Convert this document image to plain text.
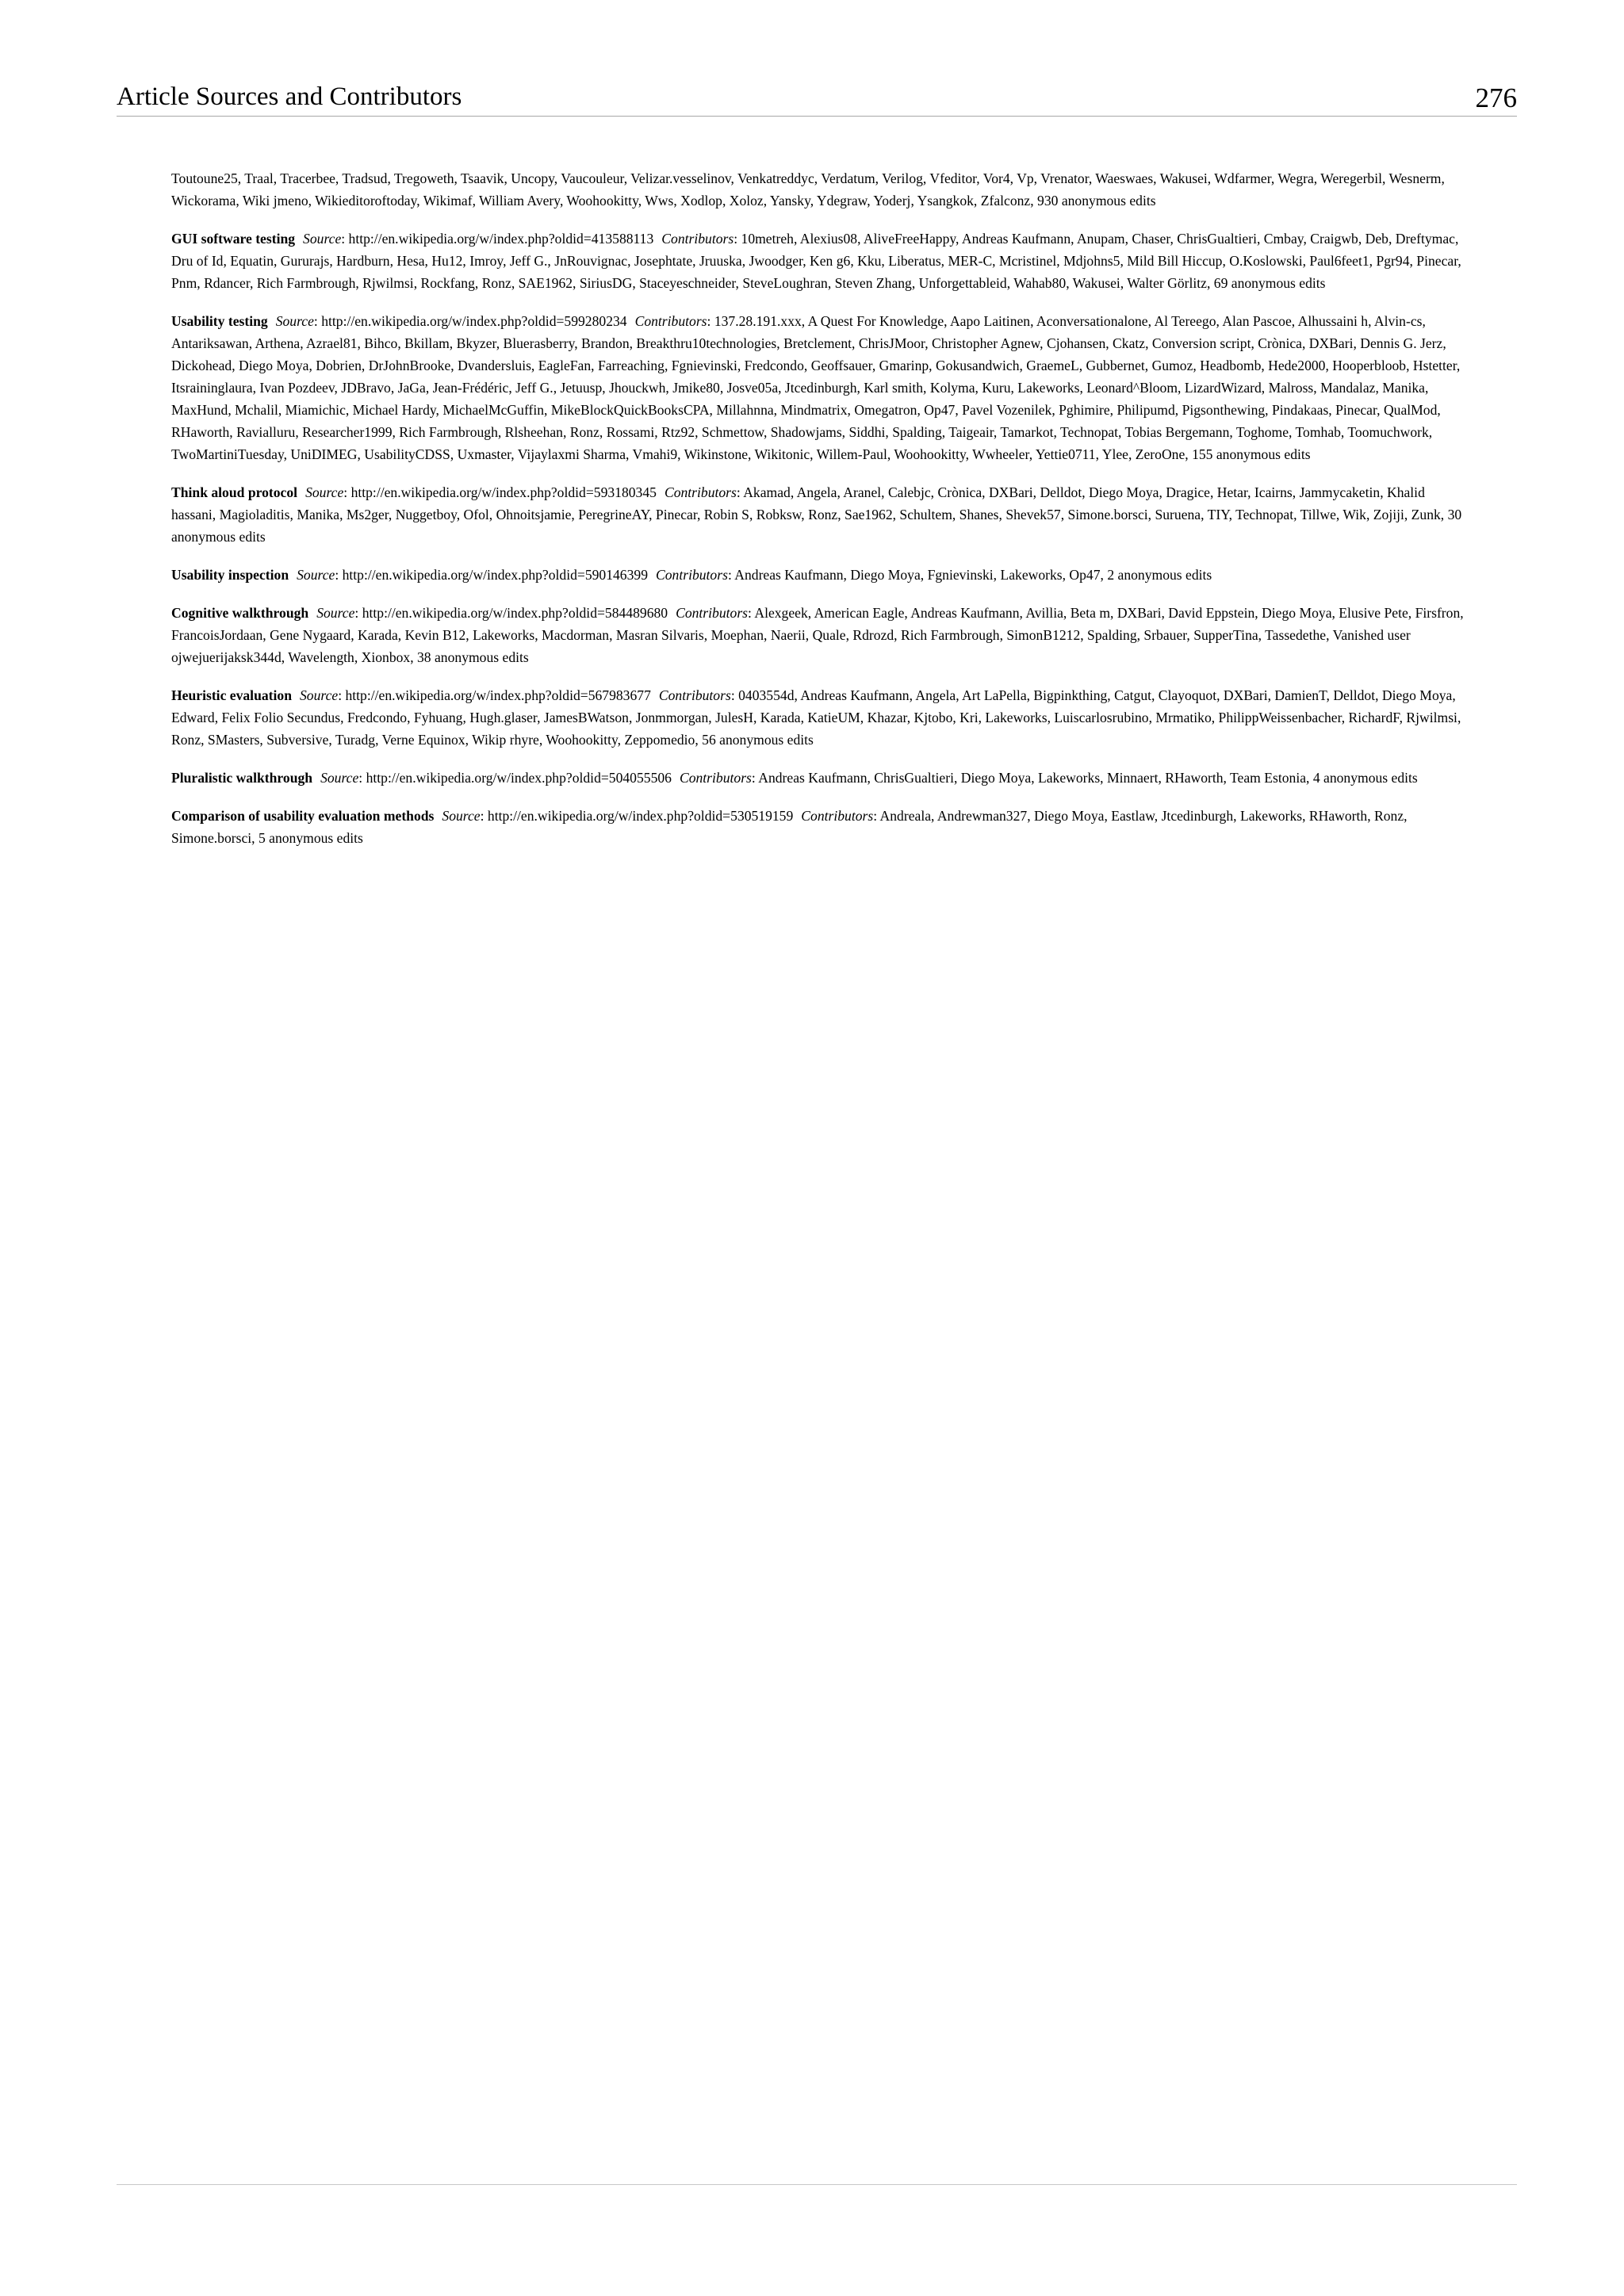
Article Sources and Contributors	276

Toutoune25, Traal, Tracerbee, Tradsud, Tregoweth, Tsaavik, Uncopy, Vaucouleur, Velizar.vesselinov, Venkatreddyc, Verdatum, Verilog, Vfeditor, Vor4, Vp, Vrenator, Waeswaes, Wakusei, Wdfarmer, Wegra, Weregerbil, Wesnerm, Wickorama, Wiki jmeno, Wikieditoroftoday, Wikimaf, William Avery, Woohookitty, Wws, Xodlop, Xoloz, Yansky, Ydegraw, Yoderj, Ysangkok, Zfalconz, 930 anonymous edits

GUI software testing Source: http://en.wikipedia.org/w/index.php?oldid=413588113 Contributors: 10metreh, Alexius08, AliveFreeHappy, Andreas Kaufmann, Anupam, Chaser, ChrisGualtieri, Cmbay, Craigwb, Deb, Dreftymac, Dru of Id, Equatin, Gururajs, Hardburn, Hesa, Hu12, Imroy, Jeff G., JnRouvignac, Josephtate, Jruuska, Jwoodger, Ken g6, Kku, Liberatus, MER-C, Mcristinel, Mdjohns5, Mild Bill Hiccup, O.Koslowski, Paul6feet1, Pgr94, Pinecar, Pnm, Rdancer, Rich Farmbrough, Rjwilmsi, Rockfang, Ronz, SAE1962, SiriusDG, Staceyeschneider, SteveLoughran, Steven Zhang, Unforgettableid, Wahab80, Wakusei, Walter Görlitz, 69 anonymous edits

Usability testing Source: http://en.wikipedia.org/w/index.php?oldid=599280234 Contributors: 137.28.191.xxx, A Quest For Knowledge, Aapo Laitinen, Aconversationalone, Al Tereego, Alan Pascoe, Alhussaini h, Alvin-cs, Antariksawan, Arthena, Azrael81, Bihco, Bkillam, Bkyzer, Bluerasberry, Brandon, Breakthru10technologies, Bretclement, ChrisJMoor, Christopher Agnew, Cjohansen, Ckatz, Conversion script, Crònica, DXBari, Dennis G. Jerz, Dickohead, Diego Moya, Dobrien, DrJohnBrooke, Dvandersluis, EagleFan, Farreaching, Fgnievinski, Fredcondo, Geoffsauer, Gmarinp, Gokusandwich, GraemeL, Gubbernet, Gumoz, Headbomb, Hede2000, Hooperbloob, Hstetter, Itsraininglaura, Ivan Pozdeev, JDBravo, JaGa, Jean-Frédéric, Jeff G., Jetuusp, Jhouckwh, Jmike80, Josve05a, Jtcedinburgh, Karl smith, Kolyma, Kuru, Lakeworks, Leonard^Bloom, LizardWizard, Malross, Mandalaz, Manika, MaxHund, Mchalil, Miamichic, Michael Hardy, MichaelMcGuffin, MikeBlockQuickBooksCPA, Millahnna, Mindmatrix, Omegatron, Op47, Pavel Vozenilek, Pghimire, Philipumd, Pigsonthewing, Pindakaas, Pinecar, QualMod, RHaworth, Ravialluru, Researcher1999, Rich Farmbrough, Rlsheehan, Ronz, Rossami, Rtz92, Schmettow, Shadowjams, Siddhi, Spalding, Taigeair, Tamarkot, Technopat, Tobias Bergemann, Toghome, Tomhab, Toomuchwork, TwoMartiniTuesday, UniDIMEG, UsabilityCDSS, Uxmaster, Vijaylaxmi Sharma, Vmahi9, Wikinstone, Wikitonic, Willem-Paul, Woohookitty, Wwheeler, Yettie0711, Ylee, ZeroOne, 155 anonymous edits

Think aloud protocol Source: http://en.wikipedia.org/w/index.php?oldid=593180345 Contributors: Akamad, Angela, Aranel, Calebjc, Crònica, DXBari, Delldot, Diego Moya, Dragice, Hetar, Icairns, Jammycaketin, Khalid hassani, Magioladitis, Manika, Ms2ger, Nuggetboy, Ofol, Ohnoitsjamie, PeregrineAY, Pinecar, Robin S, Robksw, Ronz, Sae1962, Schultem, Shanes, Shevek57, Simone.borsci, Suruena, TIY, Technopat, Tillwe, Wik, Zojiji, Zunk, 30 anonymous edits

Usability inspection Source: http://en.wikipedia.org/w/index.php?oldid=590146399 Contributors: Andreas Kaufmann, Diego Moya, Fgnievinski, Lakeworks, Op47, 2 anonymous edits

Cognitive walkthrough Source: http://en.wikipedia.org/w/index.php?oldid=584489680 Contributors: Alexgeek, American Eagle, Andreas Kaufmann, Avillia, Beta m, DXBari, David Eppstein, Diego Moya, Elusive Pete, Firsfron, FrancoisJordaan, Gene Nygaard, Karada, Kevin B12, Lakeworks, Macdorman, Masran Silvaris, Moephan, Naerii, Quale, Rdrozd, Rich Farmbrough, SimonB1212, Spalding, Srbauer, SupperTina, Tassedethe, Vanished user ojwejuerijaksk344d, Wavelength, Xionbox, 38 anonymous edits

Heuristic evaluation Source: http://en.wikipedia.org/w/index.php?oldid=567983677 Contributors: 0403554d, Andreas Kaufmann, Angela, Art LaPella, Bigpinkthing, Catgut, Clayoquot, DXBari, DamienT, Delldot, Diego Moya, Edward, Felix Folio Secundus, Fredcondo, Fyhuang, Hugh.glaser, JamesBWatson, Jonmmorgan, JulesH, Karada, KatieUM, Khazar, Kjtobo, Kri, Lakeworks, Luiscarlosrubino, Mrmatiko, PhilippWeissenbacher, RichardF, Rjwilmsi, Ronz, SMasters, Subversive, Turadg, Verne Equinox, Wikip rhyre, Woohookitty, Zeppomedio, 56 anonymous edits

Pluralistic walkthrough Source: http://en.wikipedia.org/w/index.php?oldid=504055506 Contributors: Andreas Kaufmann, ChrisGualtieri, Diego Moya, Lakeworks, Minnaert, RHaworth, Team Estonia, 4 anonymous edits

Comparison of usability evaluation methods Source: http://en.wikipedia.org/w/index.php?oldid=530519159 Contributors: Andreala, Andrewman327, Diego Moya, Eastlaw, Jtcedinburgh, Lakeworks, RHaworth, Ronz, Simone.borsci, 5 anonymous edits
